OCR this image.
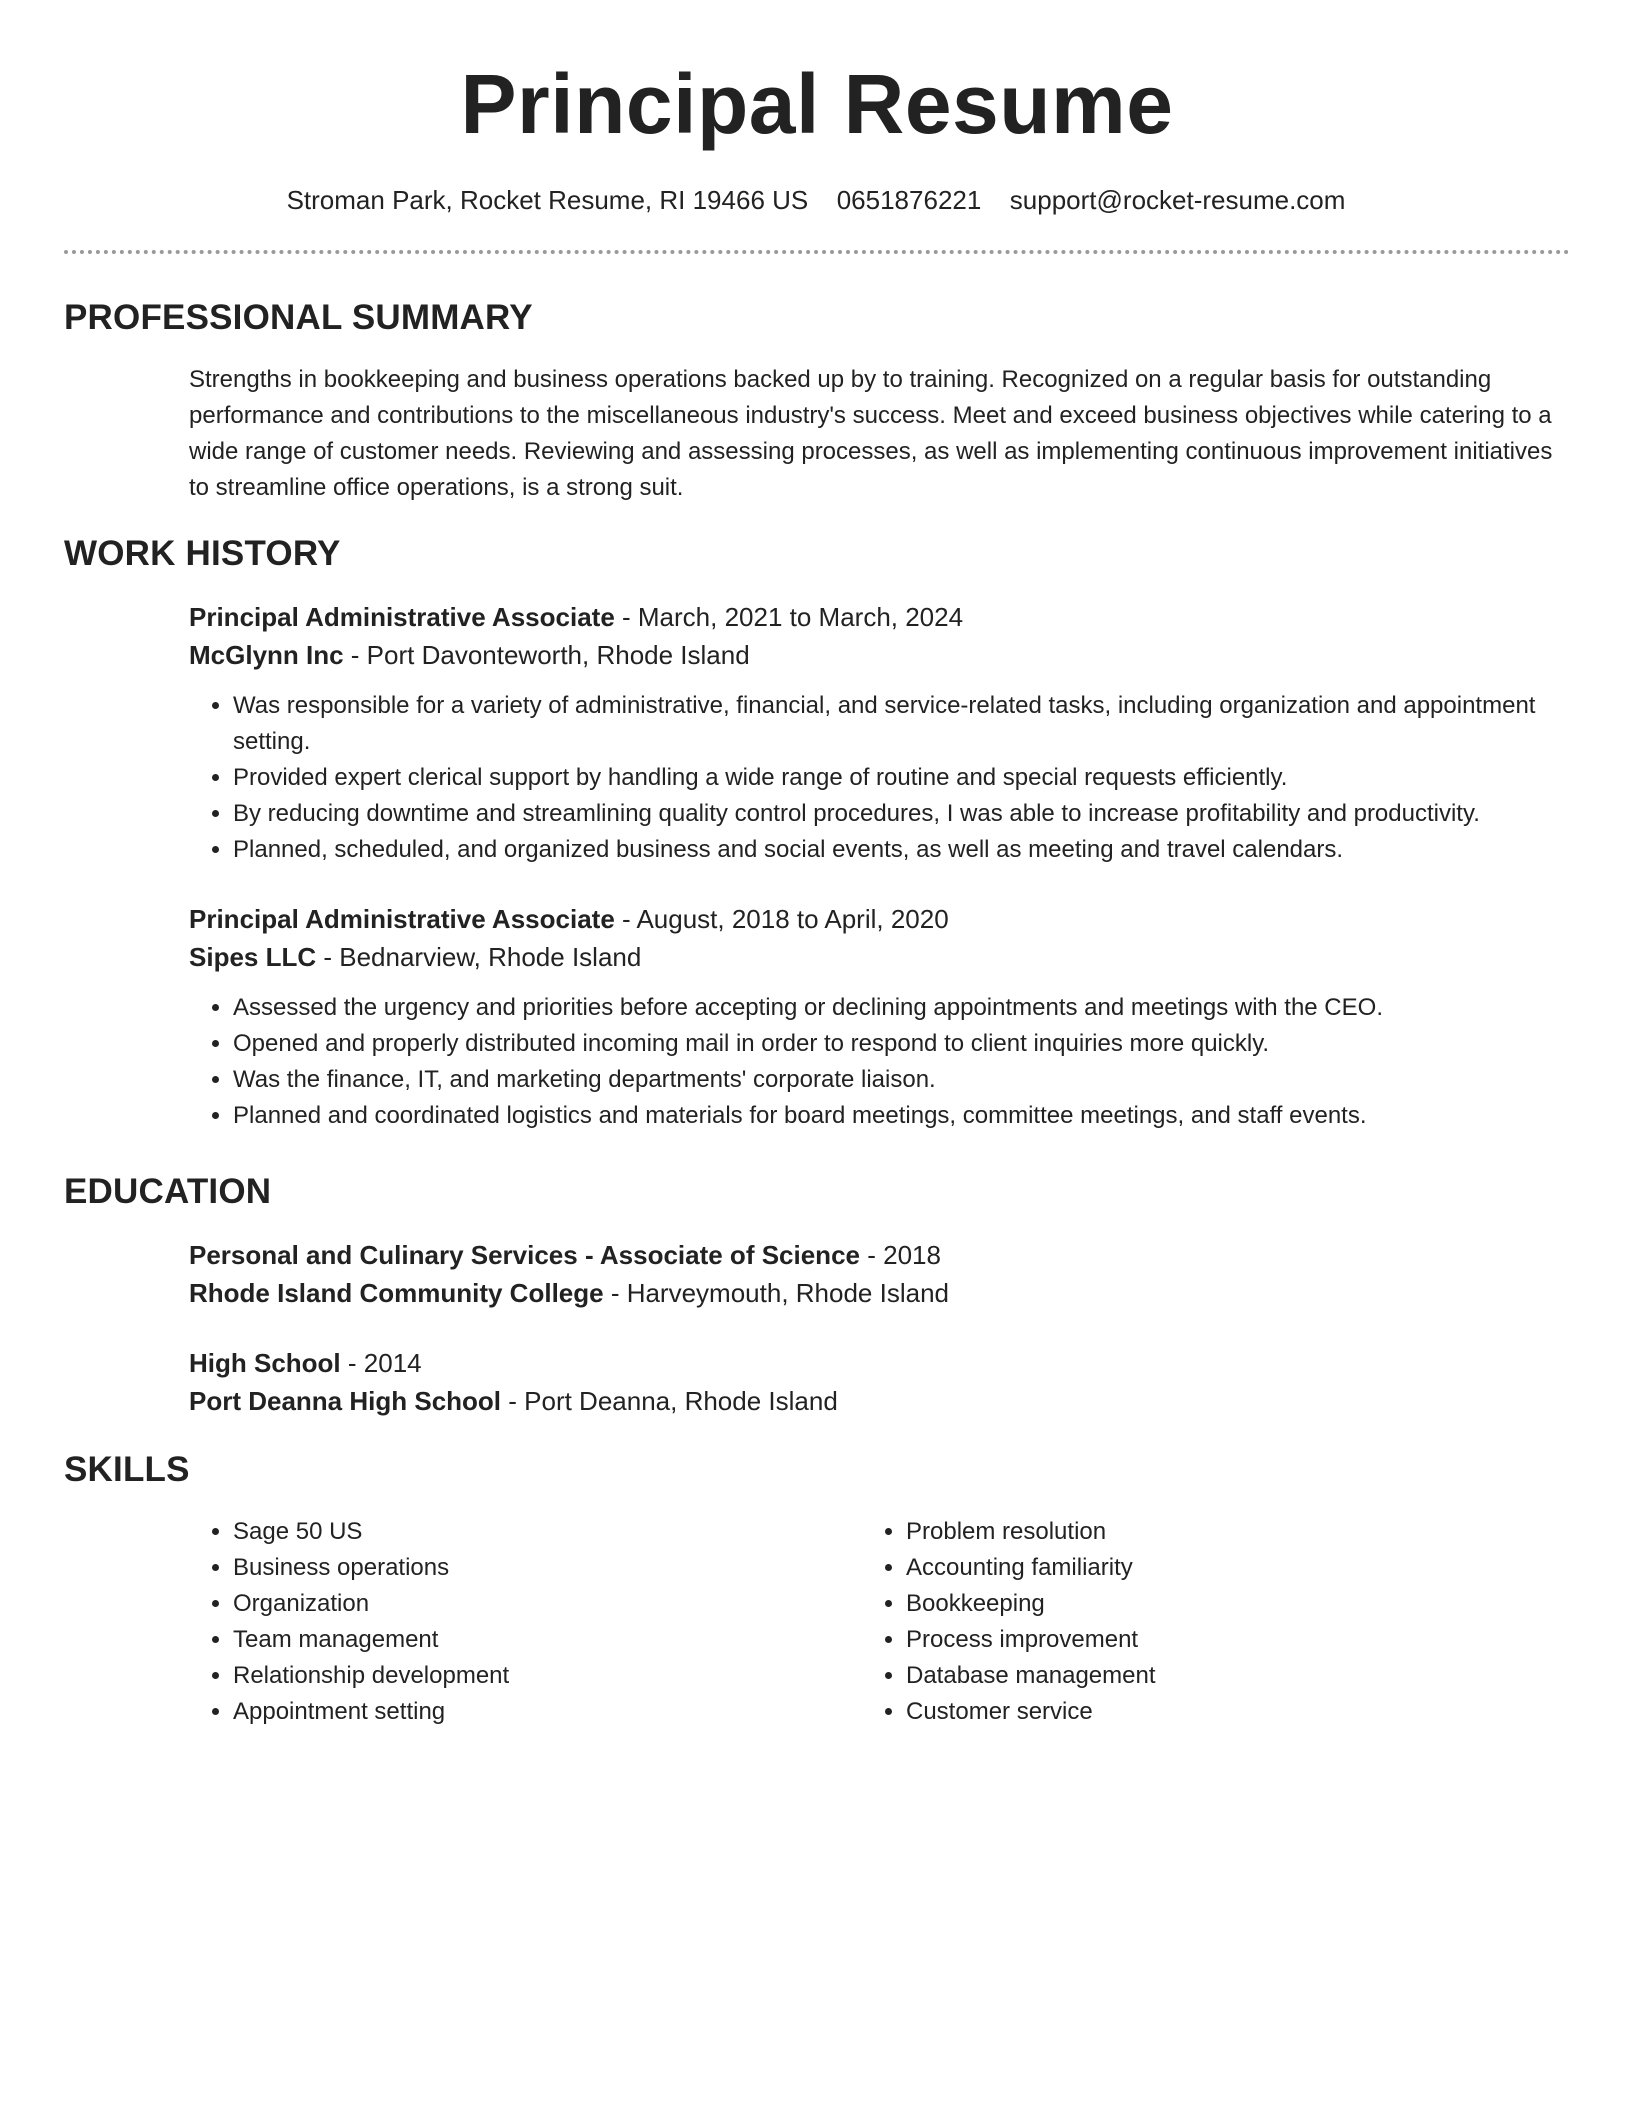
Principal Resume
Stroman Park, Rocket Resume, RI 19466 US 0651876221 support@rocket-resume.com
PROFESSIONAL SUMMARY

Strengths in bookkeeping and business operations backed up by to training. Recognized on a regular basis for outstanding performance and contributions to the miscellaneous industry's success. Meet and exceed business objectives while catering to a wide range of customer needs. Reviewing and assessing processes, as well as implementing continuous improvement initiatives to streamline office operations, is a strong suit.

WORK HISTORY

Principal Administrative Associate - March, 2021 to March, 2024

McGlynn Inc - Port Davonteworth, Rhode Island

• Was responsible for a variety of administrative, financial, and service-related tasks, including organization and appointment setting.
• Provided expert clerical support by handling a wide range of routine and special requests efficiently.
• By reducing downtime and streamlining quality control procedures, I was able to increase profitability and productivity.
• Planned, scheduled, and organized business and social events, as well as meeting and travel calendars.

Principal Administrative Associate - August, 2018 to April, 2020

Sipes LLC - Bednarview, Rhode Island

• Assessed the urgency and priorities before accepting or declining appointments and meetings with the CEO.
• Opened and properly distributed incoming mail in order to respond to client inquiries more quickly.
• Was the finance, IT, and marketing departments' corporate liaison.
• Planned and coordinated logistics and materials for board meetings, committee meetings, and staff events.
EDUCATION

Personal and Culinary Services - Associate of Science - 2018

Rhode Island Community College - Harveymouth, Rhode Island

High School - 2014

Port Deanna High School - Port Deanna, Rhode Island

SKILLS
• Sage 50 US
• Business operations
• Organization
• Team management
• Relationship development
• Appointment setting
• Problem resolution
• Accounting familiarity
• Bookkeeping
• Process improvement
• Database management
• Customer service
